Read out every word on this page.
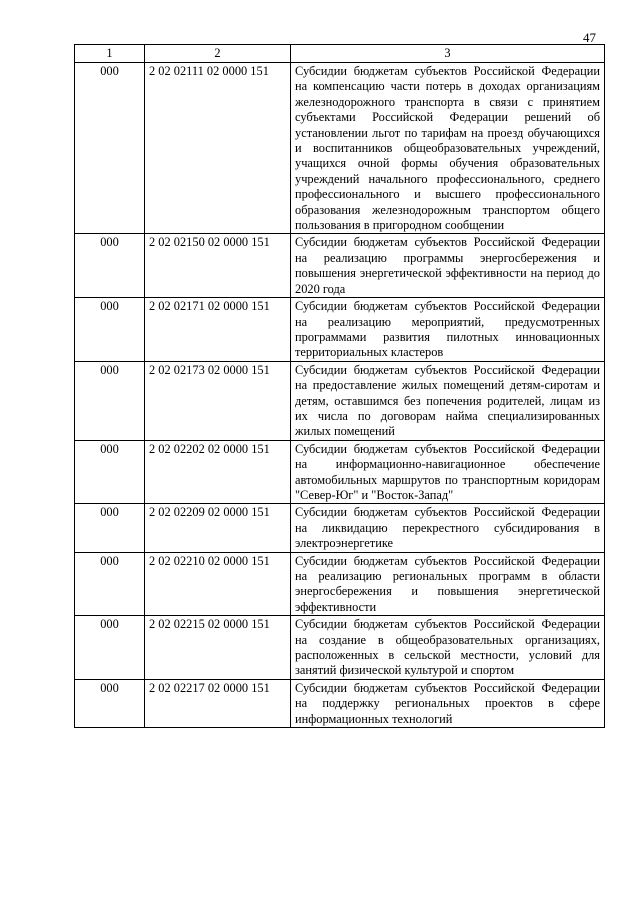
47
1	2	3
000	2 02 02111 02 0000 151	Субсидии бюджетам субъектов Российской Федерации на компенсацию части потерь в доходах организациям железнодорожного транспорта в связи с принятием субъектами Российской Федерации решений об установлении льгот по тарифам на проезд обучающихся и воспитанников общеобразовательных учреждений, учащихся очной формы обучения образовательных учреждений начального профессионального, среднего профессионального и высшего профессионального образования железнодорожным транспортом общего пользования в пригородном сообщении
000	2 02 02150 02 0000 151	Субсидии бюджетам субъектов Российской Федерации на реализацию программы энергосбережения и повышения энергетической эффективности на период до 2020 года
000	2 02 02171 02 0000 151	Субсидии бюджетам субъектов Российской Федерации на реализацию мероприятий, предусмотренных программами развития пилотных инновационных территориальных кластеров
000	2 02 02173 02 0000 151	Субсидии бюджетам субъектов Российской Федерации на предоставление жилых помещений детям-сиротам и детям, оставшимся без попечения родителей, лицам из их числа по договорам найма специализированных жилых помещений
000	2 02 02202 02 0000 151	Субсидии бюджетам субъектов Российской Федерации на информационно-навигационное обеспечение автомобильных маршрутов по транспортным коридорам "Север-Юг" и "Восток-Запад"
000	2 02 02209 02 0000 151	Субсидии бюджетам субъектов Российской Федерации на ликвидацию перекрестного субсидирования в электроэнергетике
000	2 02 02210 02 0000 151	Субсидии бюджетам субъектов Российской Федерации на реализацию региональных программ в области энергосбережения и повышения энергетической эффективности
000	2 02 02215 02 0000 151	Субсидии бюджетам субъектов Российской Федерации на создание в общеобразовательных организациях, расположенных в сельской местности, условий для занятий физической культурой и спортом
000	2 02 02217 02 0000 151	Субсидии бюджетам субъектов Российской Федерации на поддержку региональных проектов в сфере информационных технологий
